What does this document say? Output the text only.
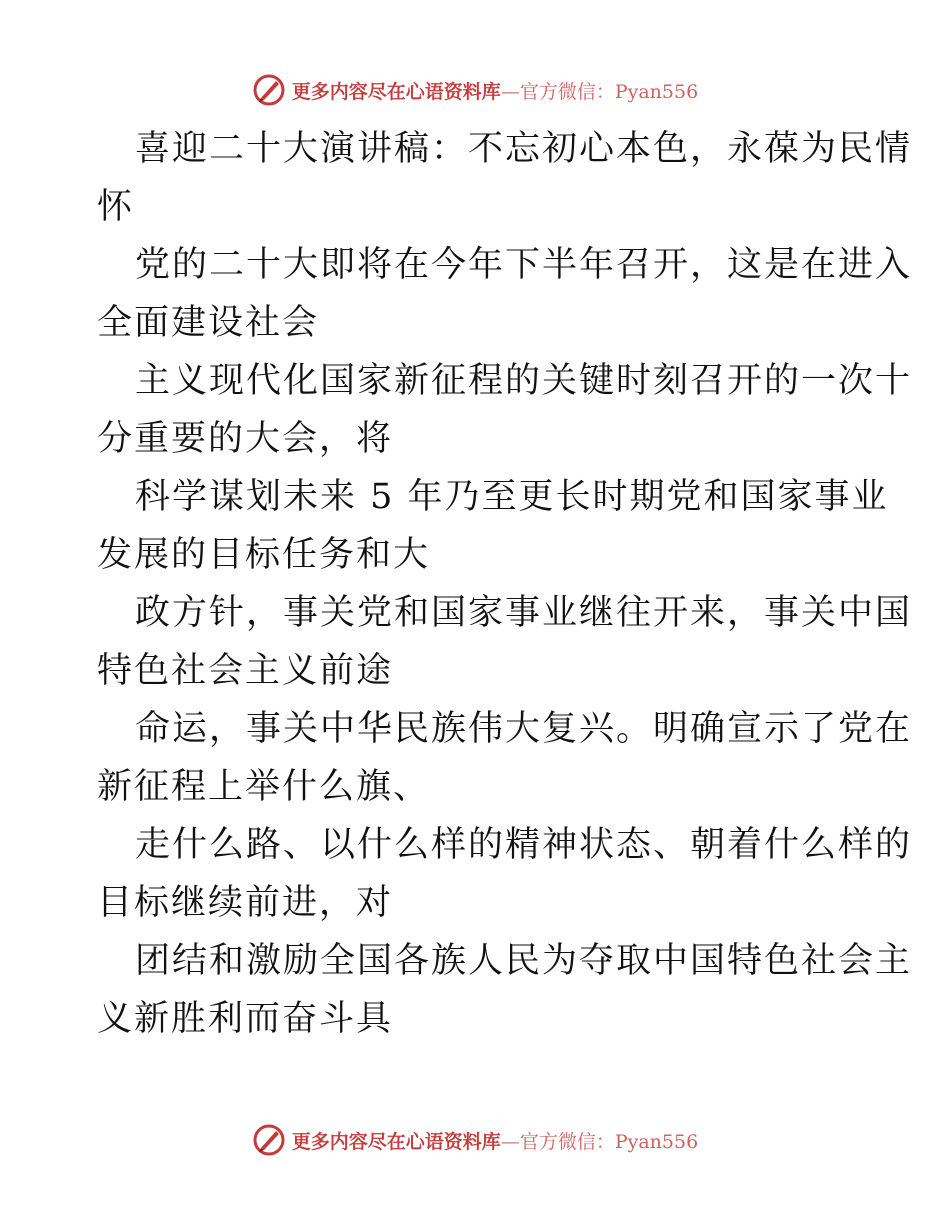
更多内容尽在心语资料库—官方微信：Pyan556
喜迎二十大演讲稿：不忘初心本色，永葆为民情
怀
党的二十大即将在今年下半年召开，这是在进入
全面建设社会
主义现代化国家新征程的关键时刻召开的一次十
分重要的大会，将
科学谋划未来 5 年乃至更长时期党和国家事业
发展的目标任务和大
政方针，事关党和国家事业继往开来，事关中国
特色社会主义前途
命运，事关中华民族伟大复兴。明确宣示了党在
新征程上举什么旗、
走什么路、以什么样的精神状态、朝着什么样的
目标继续前进，对
团结和激励全国各族人民为夺取中国特色社会主
义新胜利而奋斗具
更多内容尽在心语资料库—官方微信：Pyan556
